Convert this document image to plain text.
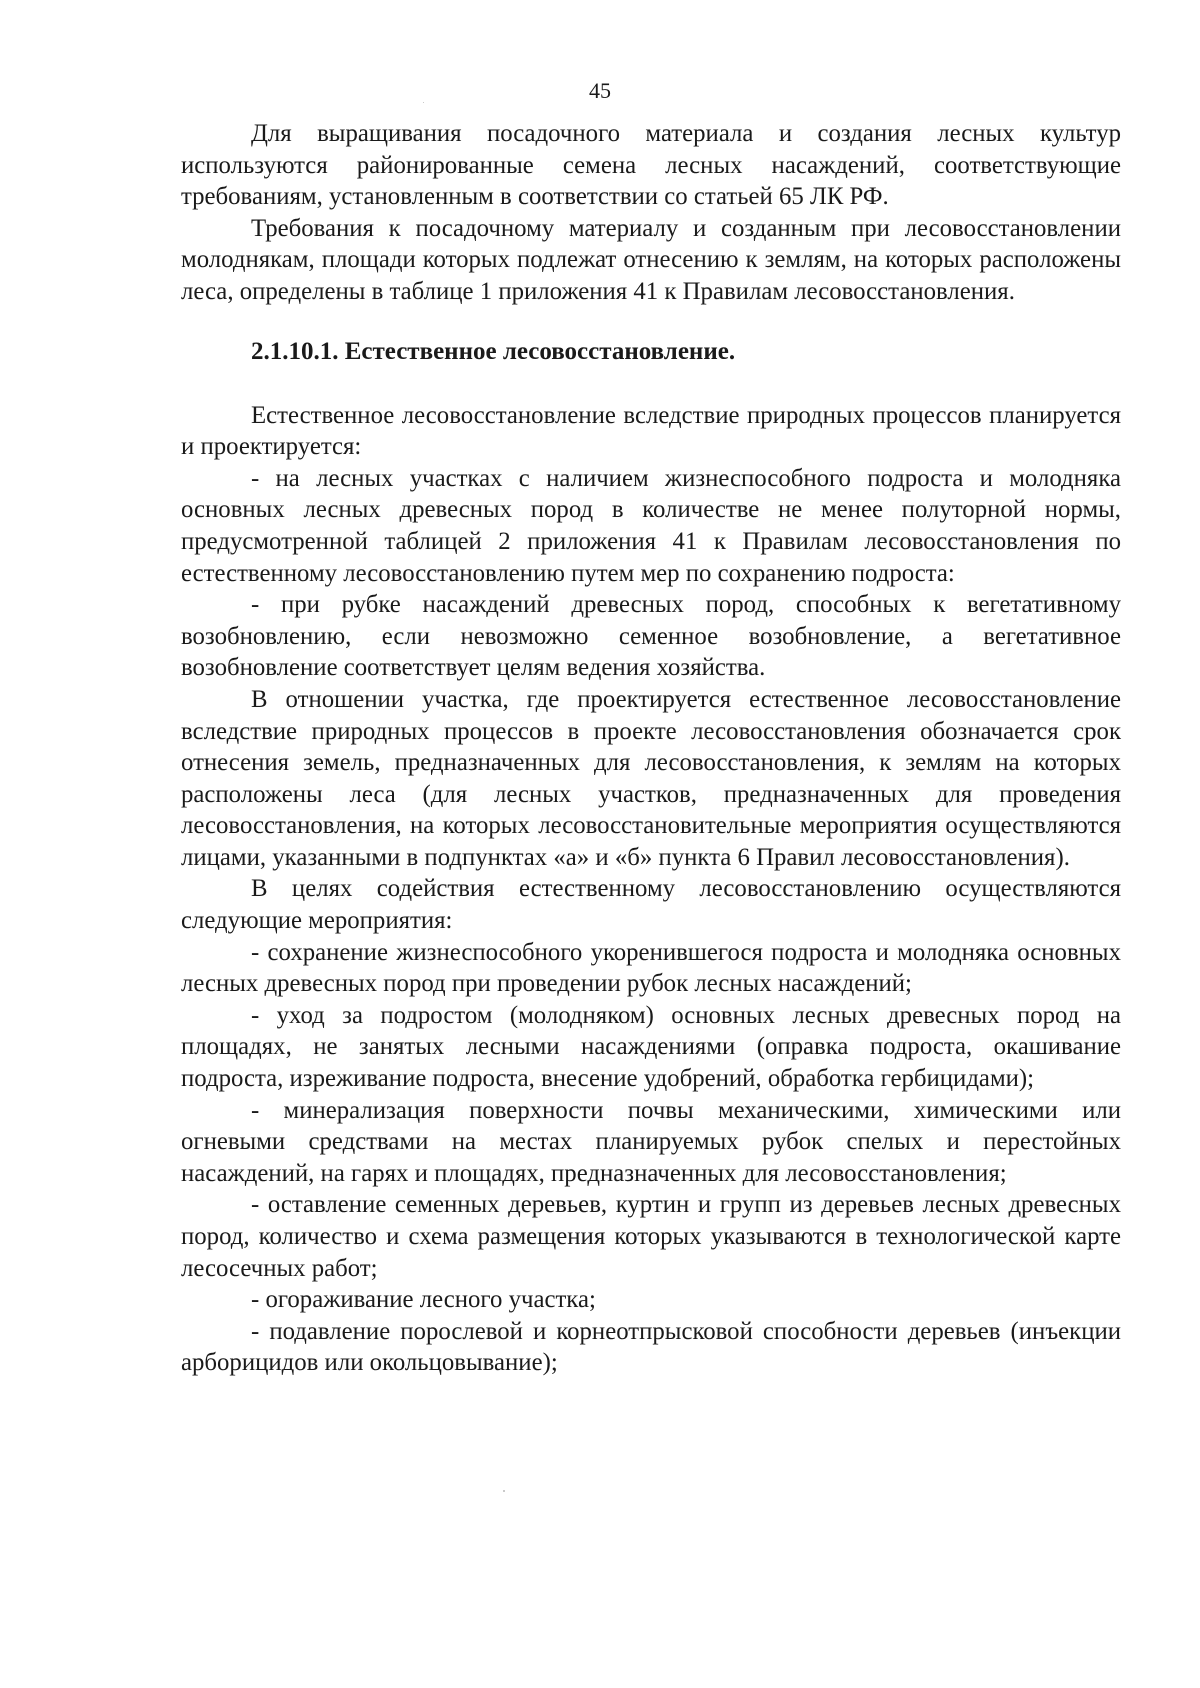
45

Для выращивания посадочного материала и создания лесных культур используются районированные семена лесных насаждений, соответствующие требованиям, установленным в соответствии со статьей 65 ЛК РФ.

Требования к посадочному материалу и созданным при лесовосстановлении молоднякам, площади которых подлежат отнесению к землям, на которых расположены леса, определены в таблице 1 приложения 41 к Правилам лесовосстановления.

2.1.10.1. Естественное лесовосстановление.

Естественное лесовосстановление вследствие природных процессов планируется и проектируется:

- на лесных участках с наличием жизнеспособного подроста и молодняка основных лесных древесных пород в количестве не менее полуторной нормы, предусмотренной таблицей 2 приложения 41 к Правилам лесовосстановления по естественному лесовосстановлению путем мер по сохранению подроста:

- при рубке насаждений древесных пород, способных к вегетативному возобновлению, если невозможно семенное возобновление, а вегетативное возобновление соответствует целям ведения хозяйства.

В отношении участка, где проектируется естественное лесовосстановление вследствие природных процессов в проекте лесовосстановления обозначается срок отнесения земель, предназначенных для лесовосстановления, к землям на которых расположены леса (для лесных участков, предназначенных для проведения лесовосстановления, на которых лесовосстановительные мероприятия осуществляются лицами, указанными в подпунктах «а» и «б» пункта 6 Правил лесовосстановления).

В целях содействия естественному лесовосстановлению осуществляются следующие мероприятия:

- сохранение жизнеспособного укоренившегося подроста и молодняка основных лесных древесных пород при проведении рубок лесных насаждений;

- уход за подростом (молодняком) основных лесных древесных пород на площадях, не занятых лесными насаждениями (оправка подроста, окашивание подроста, изреживание подроста, внесение удобрений, обработка гербицидами);

- минерализация поверхности почвы механическими, химическими или огневыми средствами на местах планируемых рубок спелых и перестойных насаждений, на гарях и площадях, предназначенных для лесовосстановления;

- оставление семенных деревьев, куртин и групп из деревьев лесных древесных пород, количество и схема размещения которых указываются в технологической карте лесосечных работ;

- огораживание лесного участка;

- подавление порослевой и корнеотпрысковой способности деревьев (инъекции арборицидов или окольцовывание);
